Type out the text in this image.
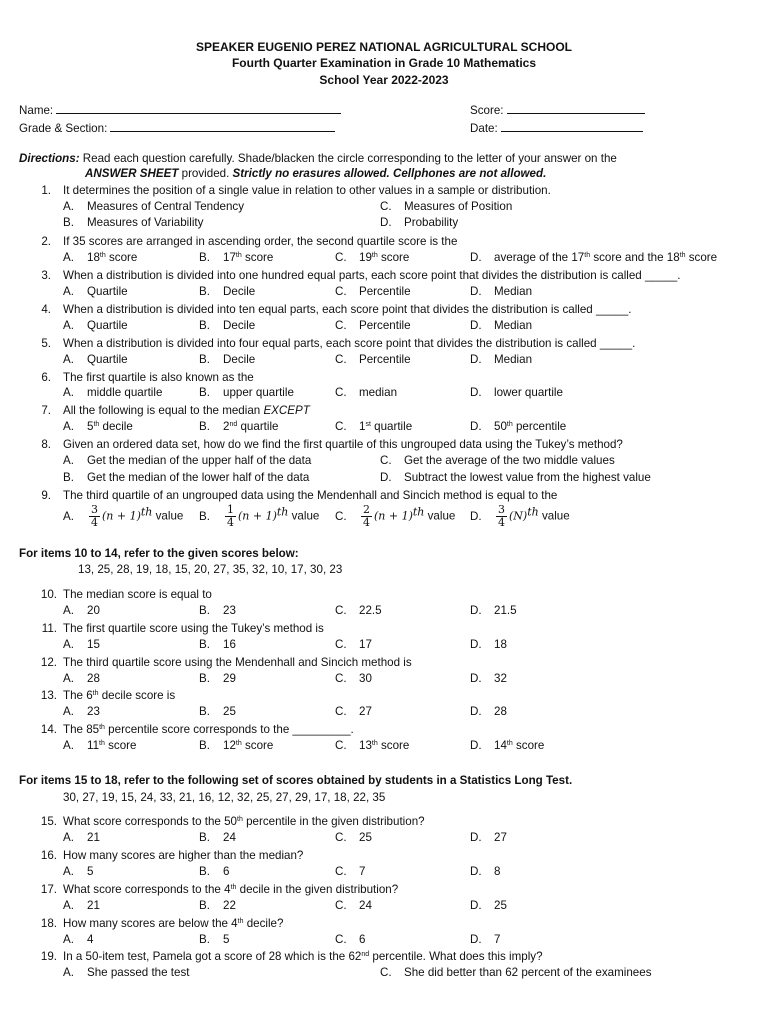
SPEAKER EUGENIO PEREZ NATIONAL AGRICULTURAL SCHOOL
Fourth Quarter Examination in Grade 10 Mathematics
School Year 2022-2023
Name:	Score:
Grade & Section:	Date:
Directions: Read each question carefully. Shade/blacken the circle corresponding to the letter of your answer on the
ANSWER SHEET provided. Strictly no erasures allowed. Cellphones are not allowed.
1. It determines the position of a single value in relation to other values in a sample or distribution.
A. Measures of Central Tendency	C. Measures of Position
B. Measures of Variability	D. Probability
2. If 35 scores are arranged in ascending order, the second quartile score is the
A. 18th score	B. 17th score	C. 19th score	D. average of the 17th score and the 18th score
3. When a distribution is divided into one hundred equal parts, each score point that divides the distribution is called _____.
A. Quartile	B. Decile	C. Percentile	D. Median
4. When a distribution is divided into ten equal parts, each score point that divides the distribution is called _____.
A. Quartile	B. Decile	C. Percentile	D. Median
5. When a distribution is divided into four equal parts, each score point that divides the distribution is called _____.
A. Quartile	B. Decile	C. Percentile	D. Median
6. The first quartile is also known as the
A. middle quartile	B. upper quartile	C. median	D. lower quartile
7. All the following is equal to the median EXCEPT
A. 5th decile	B. 2nd quartile	C. 1st quartile	D. 50th percentile
8. Given an ordered data set, how do we find the first quartile of this ungrouped data using the Tukey’s method?
A. Get the median of the upper half of the data	C. Get the average of the two middle values
B. Get the median of the lower half of the data	D. Subtract the lowest value from the highest value
9. The third quartile of an ungrouped data using the Mendenhall and Sincich method is equal to the
A. $\frac{3}{4} (n + 1)^{th}$ value B. $\frac{1}{4} (n + 1)^{th}$ value C. $\frac{2}{4} (n + 1)^{th}$ value D. $\frac{3}{4} (N)^{th}$ value
For items 10 to 14, refer to the given scores below:
13, 25, 28, 19, 18, 15, 20, 27, 35, 32, 10, 17, 30, 23
10. The median score is equal to
A. 20	B. 23	C. 22.5	D. 21.5
11. The first quartile score using the Tukey’s method is
A. 15	B. 16	C. 17	D. 18
12. The third quartile score using the Mendenhall and Sincich method is
A. 28	B. 29	C. 30	D. 32
13. The 6th decile score is
A. 23	B. 25	C. 27	D. 28
14. The 85th percentile score corresponds to the _________.
A. 11th score	B. 12th score	C. 13th score	D. 14th score
For items 15 to 18, refer to the following set of scores obtained by students in a Statistics Long Test.
30, 27, 19, 15, 24, 33, 21, 16, 12, 32, 25, 27, 29, 17, 18, 22, 35
15. What score corresponds to the 50th percentile in the given distribution?
A. 21	B. 24	C. 25	D. 27
16. How many scores are higher than the median?
A. 5	B. 6	C. 7	D. 8
17. What score corresponds to the 4th decile in the given distribution?
A. 21	B. 22	C. 24	D. 25
18. How many scores are below the 4th decile?
A. 4	B. 5	C. 6	D. 7
19. In a 50-item test, Pamela got a score of 28 which is the 62nd percentile. What does this imply?
A. She passed the test	C. She did better than 62 percent of the examinees
